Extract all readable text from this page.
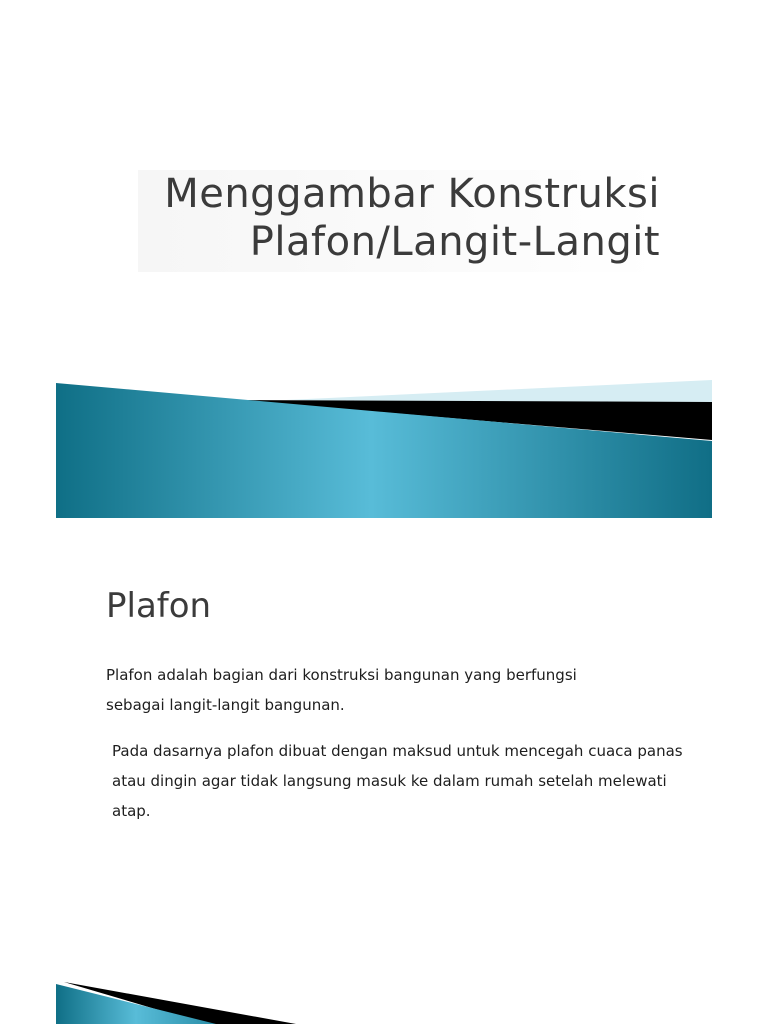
Menggambar Konstruksi
Plafon/Langit-Langit
Plafon

Plafon adalah bagian dari konstruksi bangunan yang berfungsi sebagai langit-langit bangunan.

Pada dasarnya plafon dibuat dengan maksud untuk mencegah cuaca panas atau dingin agar tidak langsung masuk ke dalam rumah setelah melewati atap.
